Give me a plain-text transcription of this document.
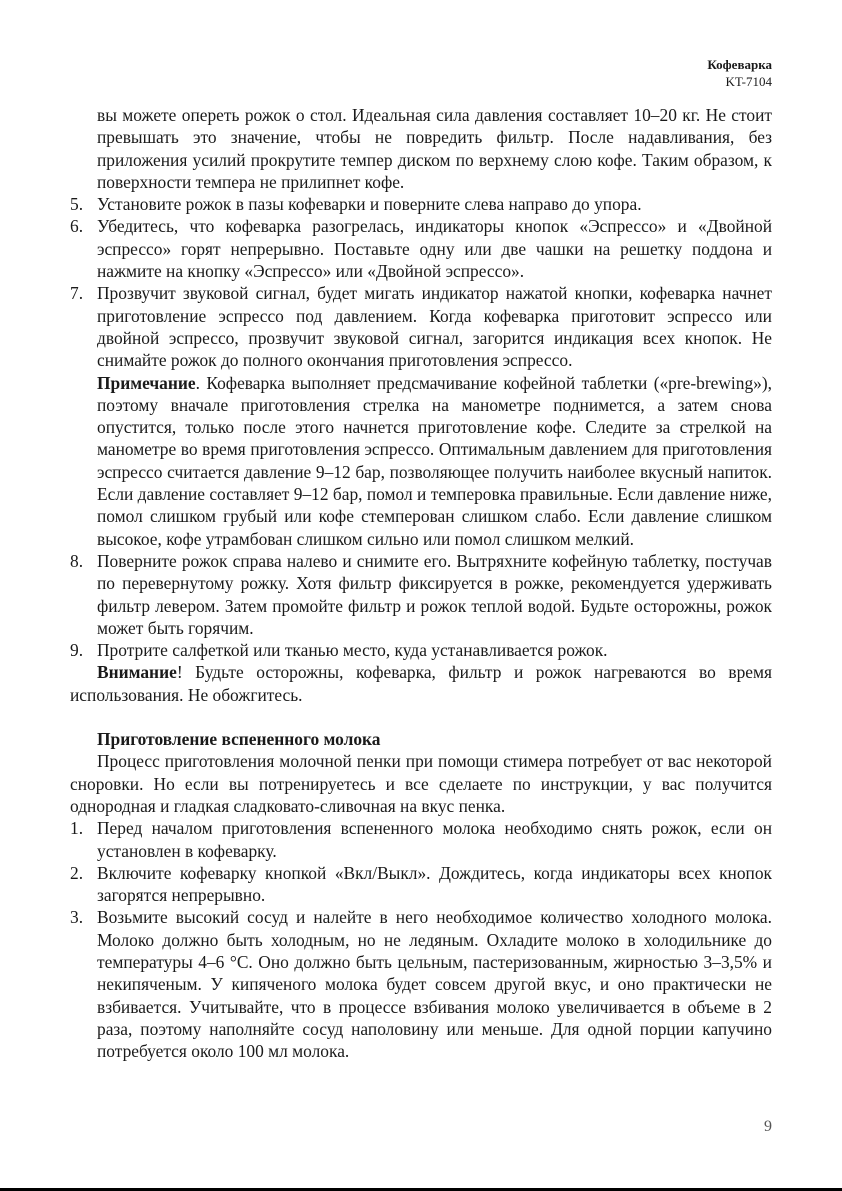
Кофеварка
KT-7104

вы можете опереть рожок о стол. Идеальная сила давления составляет 10–20 кг. Не стоит превышать это значение, чтобы не повредить фильтр. После надавливания, без приложения усилий прокрутите темпер диском по верхнему слою кофе. Таким образом, к поверхности темпера не прилипнет кофе.

5. Установите рожок в пазы кофеварки и поверните слева направо до упора.
6. Убедитесь, что кофеварка разогрелась, индикаторы кнопок «Эспрессо» и «Двойной эспрессо» горят непрерывно. Поставьте одну или две чашки на решетку поддона и нажмите на кнопку «Эспрессо» или «Двойной эспрессо».
7. Прозвучит звуковой сигнал, будет мигать индикатор нажатой кнопки, кофеварка начнет приготовление эспрессо под давлением. Когда кофеварка приготовит эспрессо или двойной эспрессо, прозвучит звуковой сигнал, загорится индикация всех кнопок. Не снимайте рожок до полного окончания приготовления эспрессо.

Примечание. Кофеварка выполняет предсмачивание кофейной таблетки («pre-brewing»), поэтому вначале приготовления стрелка на манометре поднимется, а затем снова опустится, только после этого начнется приготовление кофе. Следите за стрелкой на манометре во время приготовления эспрессо. Оптимальным давлением для приготовления эспрессо считается давление 9–12 бар, позволяющее получить наиболее вкусный напиток. Если давление составляет 9–12 бар, помол и темперовка правильные. Если давление ниже, помол слишком грубый или кофе стемперован слишком слабо. Если давление слишком высокое, кофе утрамбован слишком сильно или помол слишком мелкий.

8. Поверните рожок справа налево и снимите его. Вытряхните кофейную таблетку, постучав по перевернутому рожку. Хотя фильтр фиксируется в рожке, рекомендуется удерживать фильтр левером. Затем промойте фильтр и рожок теплой водой. Будьте осторожны, рожок может быть горячим.
9. Протрите салфеткой или тканью место, куда устанавливается рожок.

Внимание! Будьте осторожны, кофеварка, фильтр и рожок нагреваются во время использования. Не обожгитесь.

Приготовление вспененного молока

Процесс приготовления молочной пенки при помощи стимера потребует от вас некоторой сноровки. Но если вы потренируетесь и все сделаете по инструкции, у вас получится однородная и гладкая сладковато-сливочная на вкус пенка.

1. Перед началом приготовления вспененного молока необходимо снять рожок, если он установлен в кофеварку.
2. Включите кофеварку кнопкой «Вкл/Выкл». Дождитесь, когда индикаторы всех кнопок загорятся непрерывно.
3. Возьмите высокий сосуд и налейте в него необходимое количество холодного молока. Молоко должно быть холодным, но не ледяным. Охладите молоко в холодильнике до температуры 4–6 °С. Оно должно быть цельным, пастеризованным, жирностью 3–3,5% и некипяченым. У кипяченого молока будет совсем другой вкус, и оно практически не взбивается. Учитывайте, что в процессе взбивания молоко увеличивается в объеме в 2 раза, поэтому наполняйте сосуд наполовину или меньше. Для одной порции капучино потребуется около 100 мл молока.
9
